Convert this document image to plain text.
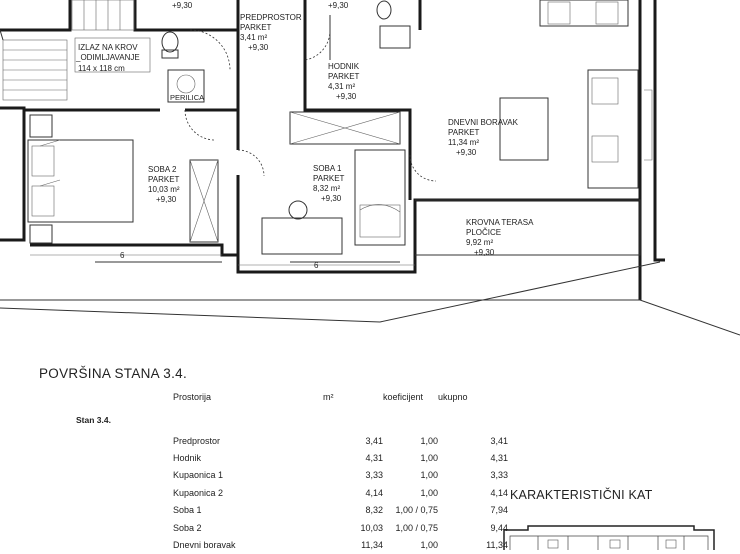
PERILICA
IZLAZ NA KROV
_ODIMLJAVANJE
114 x 118 cm
PREDPROSTOR
PARKET
3,41 m²
+9,30
HODNIK
PARKET
4,31 m²
+9,30
DNEVNI BORAVAK
PARKET
11,34 m²
+9,30
SOBA 2
PARKET
10,03 m²
+9,30
SOBA 1
PARKET
8,32 m²
+9,30
KROVNA TERASA
PLOČICE
9,92 m²
+9,30
+9,30	+9,30
6
6
POVRŠINA STANA 3.4.
Prostorija	m²	koeficijent	ukupno
Stan 3.4.			
Predprostor	3,41	1,00	3,41
Hodnik	4,31	1,00	4,31
Kupaonica 1	3,33	1,00	3,33
Kupaonica 2	4,14	1,00	4,14
Soba 1	8,32	1,00 / 0,75	7,94
Soba 2	10,03	1,00 / 0,75	9,44
Dnevni boravak	11,34	1,00	11,34
KARAKTERISTIČNI KAT
